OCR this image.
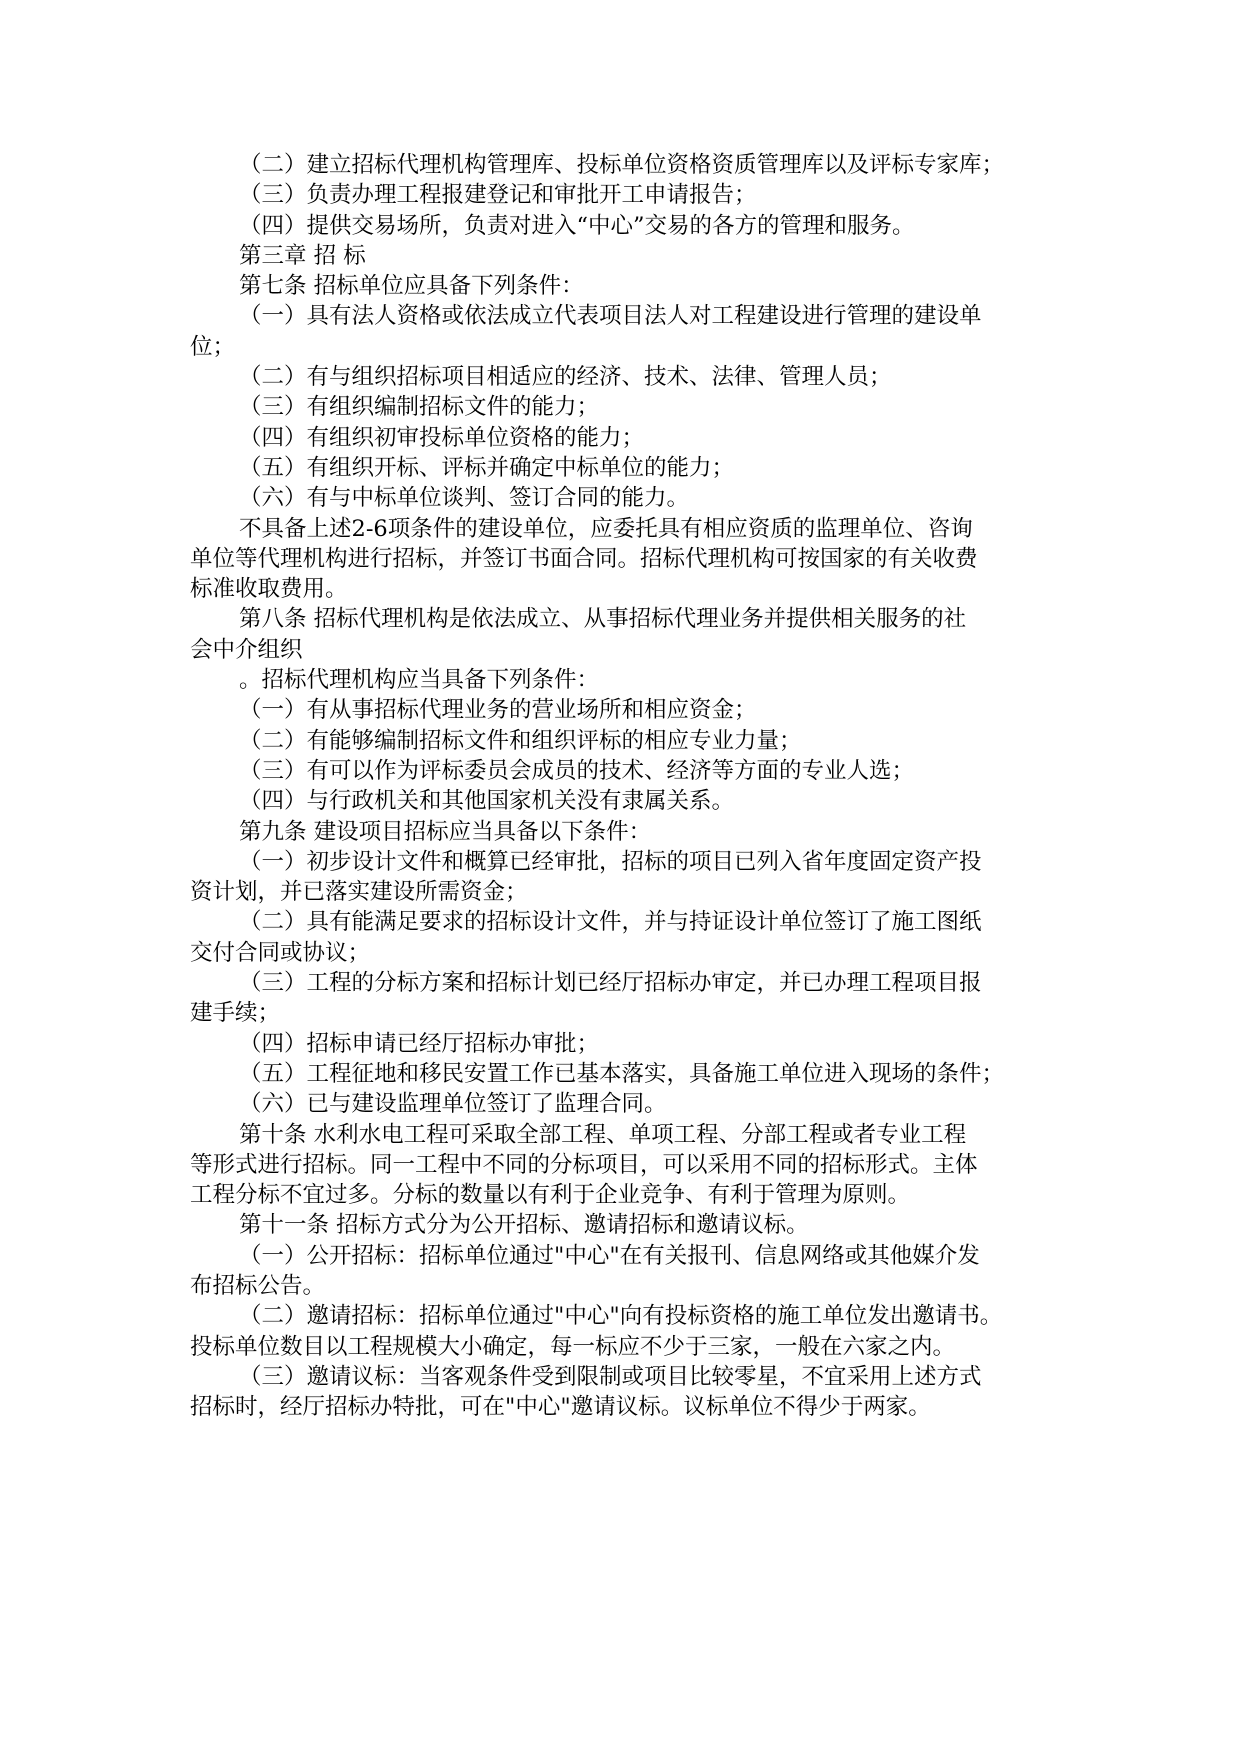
（二）建立招标代理机构管理库、投标单位资格资质管理库以及评标专家库；
（三）负责办理工程报建登记和审批开工申请报告；
（四）提供交易场所，负责对进入“中心”交易的各方的管理和服务。
第三章 招 标
第七条 招标单位应具备下列条件：
（一）具有法人资格或依法成立代表项目法人对工程建设进行管理的建设单
位；
（二）有与组织招标项目相适应的经济、技术、法律、管理人员；
（三）有组织编制招标文件的能力；
（四）有组织初审投标单位资格的能力；
（五）有组织开标、评标并确定中标单位的能力；
（六）有与中标单位谈判、签订合同的能力。
不具备上述2-6项条件的建设单位，应委托具有相应资质的监理单位、咨询
单位等代理机构进行招标，并签订书面合同。招标代理机构可按国家的有关收费
标准收取费用。
第八条 招标代理机构是依法成立、从事招标代理业务并提供相关服务的社
会中介组织
。招标代理机构应当具备下列条件：
（一）有从事招标代理业务的营业场所和相应资金；
（二）有能够编制招标文件和组织评标的相应专业力量；
（三）有可以作为评标委员会成员的技术、经济等方面的专业人选；
（四）与行政机关和其他国家机关没有隶属关系。
第九条 建设项目招标应当具备以下条件：
（一）初步设计文件和概算已经审批，招标的项目已列入省年度固定资产投
资计划，并已落实建设所需资金；
（二）具有能满足要求的招标设计文件，并与持证设计单位签订了施工图纸
交付合同或协议；
（三）工程的分标方案和招标计划已经厅招标办审定，并已办理工程项目报
建手续；
（四）招标申请已经厅招标办审批；
（五）工程征地和移民安置工作已基本落实，具备施工单位进入现场的条件；
（六）已与建设监理单位签订了监理合同。
第十条 水利水电工程可采取全部工程、单项工程、分部工程或者专业工程
等形式进行招标。同一工程中不同的分标项目，可以采用不同的招标形式。主体
工程分标不宜过多。分标的数量以有利于企业竞争、有利于管理为原则。
第十一条 招标方式分为公开招标、邀请招标和邀请议标。
（一）公开招标：招标单位通过"中心"在有关报刊、信息网络或其他媒介发
布招标公告。
（二）邀请招标：招标单位通过"中心"向有投标资格的施工单位发出邀请书。
投标单位数目以工程规模大小确定，每一标应不少于三家，一般在六家之内。
（三）邀请议标：当客观条件受到限制或项目比较零星，不宜采用上述方式
招标时，经厅招标办特批，可在"中心"邀请议标。议标单位不得少于两家。
